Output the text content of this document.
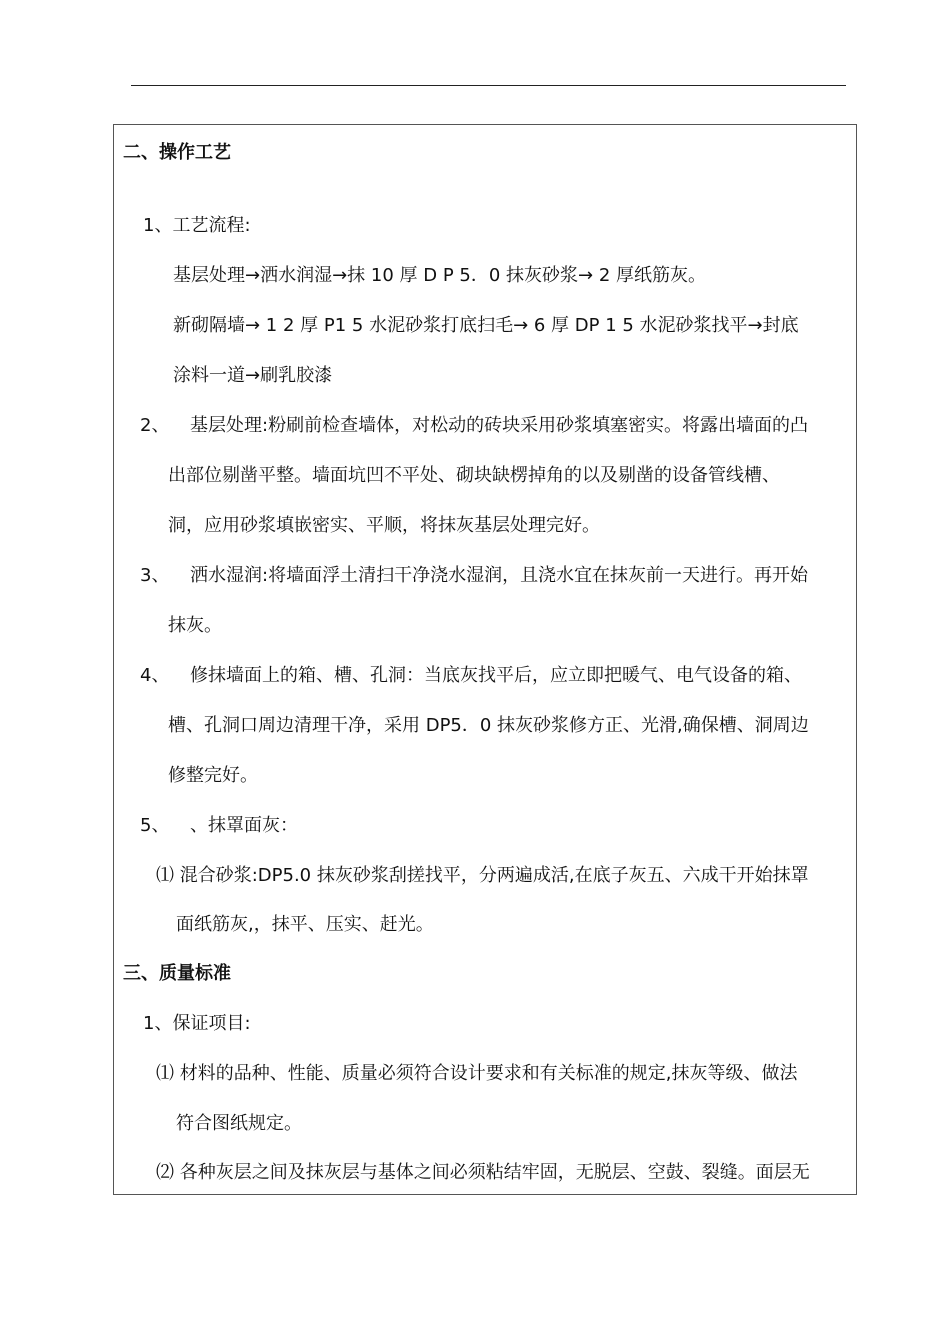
二、操作工艺
1、工艺流程:
基层处理→洒水润湿→抹 10 厚 D P 5．0 抹灰砂浆→ 2 厚纸筋灰。
新砌隔墙→ 1 2 厚 P1 5 水泥砂浆打底扫毛→ 6 厚 DP 1 5 水泥砂浆找平→封底
涂料一道→刷乳胶漆
2、 基层处理:粉刷前检查墙体，对松动的砖块采用砂浆填塞密实。将露出墙面的凸
出部位剔凿平整。墙面坑凹不平处、砌块缺楞掉角的以及剔凿的设备管线槽、
洞，应用砂浆填嵌密实、平顺，将抹灰基层处理完好。
3、 洒水湿润:将墙面浮土清扫干净浇水湿润，且浇水宜在抹灰前一天进行。再开始
抹灰。
4、 修抹墙面上的箱、槽、孔洞：当底灰找平后，应立即把暖气、电气设备的箱、
槽、孔洞口周边清理干净，采用 DP5．0 抹灰砂浆修方正、光滑,确保槽、洞周边
修整完好。
5、 、抹罩面灰：
⑴ 混合砂浆:DP5.0 抹灰砂浆刮搓找平，分两遍成活,在底子灰五、六成干开始抹罩
面纸筋灰,，抹平、压实、赶光。
三、质量标准
1、保证项目:
⑴ 材料的品种、性能、质量必须符合设计要求和有关标准的规定,抹灰等级、做法
符合图纸规定。
⑵ 各种灰层之间及抹灰层与基体之间必须粘结牢固，无脱层、空鼓、裂缝。面层无
